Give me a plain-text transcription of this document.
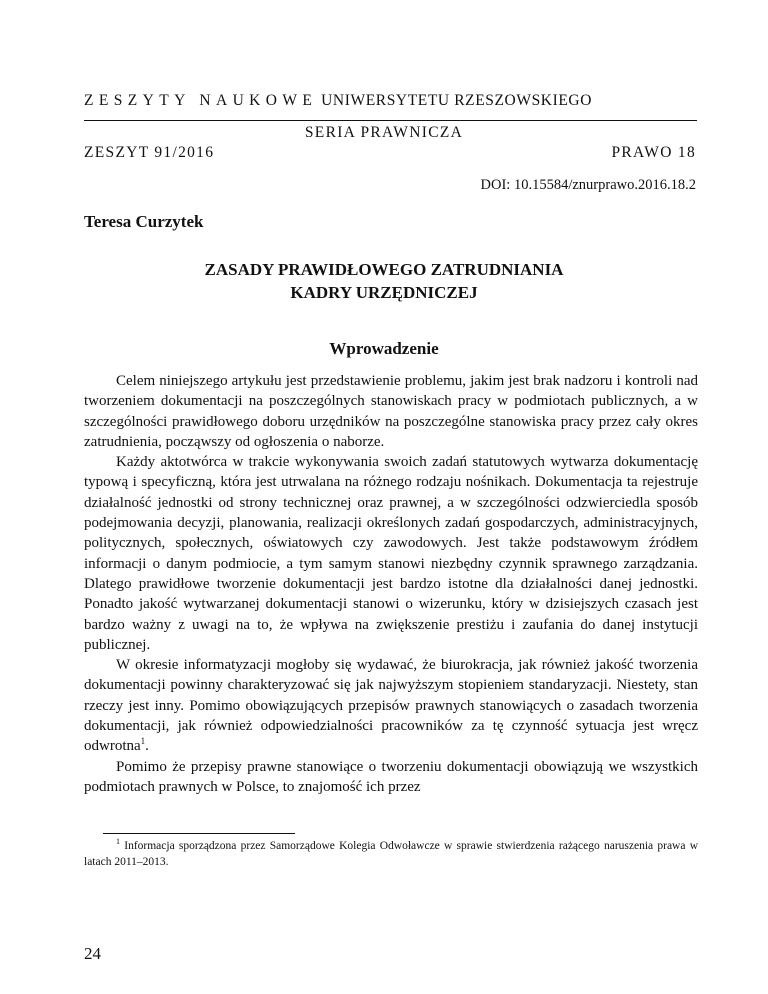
ZESZYTY NAUKOWE UNIWERSYTETU RZESZOWSKIEGO
SERIA PRAWNICZA
ZESZYT 91/2016	PRAWO 18
DOI: 10.15584/znurprawo.2016.18.2
Teresa Curzytek
ZASADY PRAWIDŁOWEGO ZATRUDNIANIA
KADRY URZĘDNICZEJ
Wprowadzenie

Celem niniejszego artykułu jest przedstawienie problemu, jakim jest brak nadzoru i kontroli nad tworzeniem dokumentacji na poszczególnych stanowiskach pracy w podmiotach publicznych, a w szczególności prawidłowego doboru urzędników na poszczególne stanowiska pracy przez cały okres zatrudnienia, począwszy od ogłoszenia o naborze.

Każdy aktotwórca w trakcie wykonywania swoich zadań statutowych wytwarza dokumentację typową i specyficzną, która jest utrwalana na różnego rodzaju nośnikach. Dokumentacja ta rejestruje działalność jednostki od strony technicznej oraz prawnej, a w szczególności odzwierciedla sposób podejmowania decyzji, planowania, realizacji określonych zadań gospodarczych, administracyjnych, politycznych, społecznych, oświatowych czy zawodowych. Jest także podstawowym źródłem informacji o danym podmiocie, a tym samym stanowi niezbędny czynnik sprawnego zarządzania. Dlatego prawidłowe tworzenie dokumentacji jest bardzo istotne dla działalności danej jednostki. Ponadto jakość wytwarzanej dokumentacji stanowi o wizerunku, który w dzisiejszych czasach jest bardzo ważny z uwagi na to, że wpływa na zwiększenie prestiżu i zaufania do danej instytucji publicznej.

W okresie informatyzacji mogłoby się wydawać, że biurokracja, jak również jakość tworzenia dokumentacji powinny charakteryzować się jak najwyższym stopieniem standaryzacji. Niestety, stan rzeczy jest inny. Pomimo obowiązujących przepisów prawnych stanowiących o zasadach tworzenia dokumentacji, jak również odpowiedzialności pracowników za tę czynność sytuacja jest wręcz odwrotna$^1$.

Pomimo że przepisy prawne stanowiące o tworzeniu dokumentacji obowiązują we wszystkich podmiotach prawnych w Polsce, to znajomość ich przez

$^1$ Informacja sporządzona przez Samorządowe Kolegia Odwoławcze w sprawie stwierdzenia rażącego naruszenia prawa w latach 2011–2013.
24
